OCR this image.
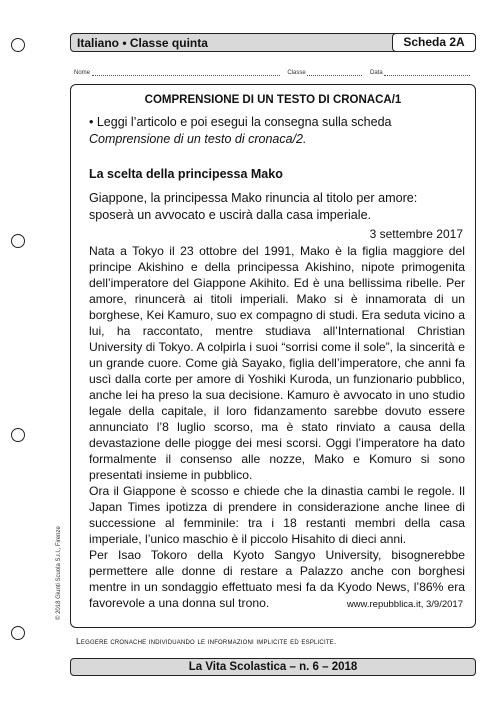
Italiano • Classe quinta	Scheda 2A
Nome	Classe	Data
COMPRENSIONE DI UN TESTO DI CRONACA/1
• Leggi l’articolo e poi esegui la consegna sulla scheda Comprensione di un testo di cronaca/2.
La scelta della principessa Mako
Giappone, la principessa Mako rinuncia al titolo per amore: sposerà un avvocato e uscirà dalla casa imperiale.
3 settembre 2017

Nata a Tokyo il 23 ottobre del 1991, Mako è la figlia maggiore del principe Akishino e della principessa Akishino, nipote primogenita dell’imperatore del Giappone Akihito. Ed è una bellissima ribelle. Per amore, rinuncerà ai titoli imperiali. Mako si è innamorata di un borghese, Kei Kamuro, suo ex compagno di studi. Era seduta vicino a lui, ha raccontato, mentre studiava all’International Christian University di Tokyo. A colpirla i suoi “sorrisi come il sole”, la sincerità e un grande cuore. Come già Sayako, figlia dell’imperatore, che anni fa uscì dalla corte per amore di Yoshiki Kuroda, un funzionario pubblico, anche lei ha preso la sua decisione. Kamuro è avvocato in uno studio legale della capitale, il loro fidanzamento sarebbe dovuto essere annunciato l’8 luglio scorso, ma è stato rinviato a causa della devastazione delle piogge dei mesi scorsi. Oggi l’imperatore ha dato formalmente il consenso alle nozze, Mako e Komuro si sono presentati insieme in pubblico.

Ora il Giappone è scosso e chiede che la dinastia cambi le regole. Il Japan Times ipotizza di prendere in considerazione anche linee di successione al femminile: tra i 18 restanti membri della casa imperiale, l’unico maschio è il piccolo Hisahito di dieci anni.

Per Isao Tokoro della Kyoto Sangyo University, bisognerebbe permettere alle donne di restare a Palazzo anche con borghesi mentre in un sondaggio effettuato mesi fa da Kyodo News, l’86% era favorevole a una donna sul trono.	www.repubblica.it, 3/9/2017
© 2018 Giunti Scuola S.r.l., Firenze
Leggere cronache individuando le informazioni implicite ed esplicite.
La Vita Scolastica – n. 6 – 2018
